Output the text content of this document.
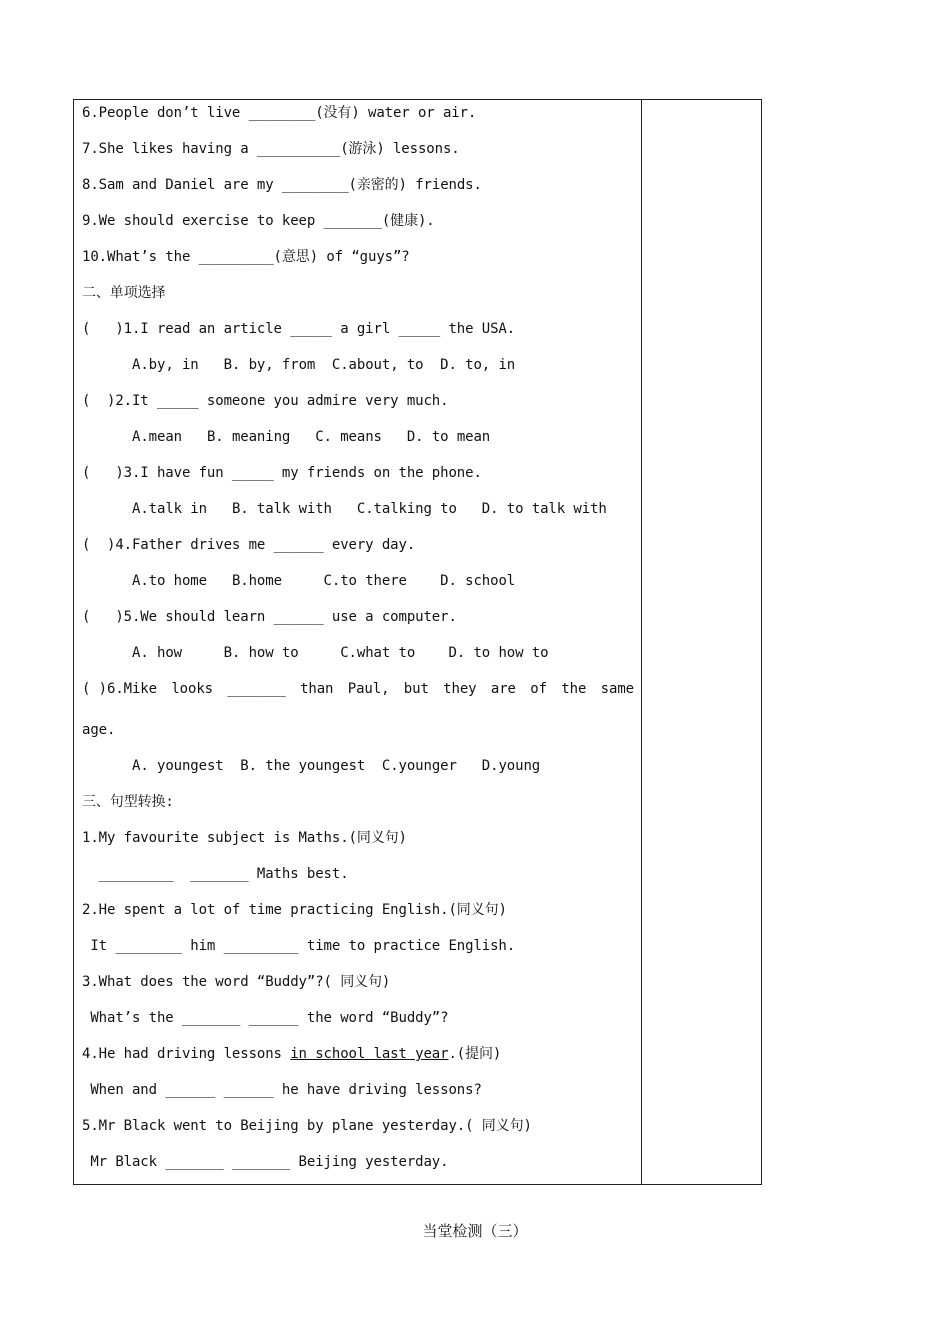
6.People don’t live ________(没有) water or air.
7.She likes having a __________(游泳) lessons.
8.Sam and Daniel are my ________(亲密的) friends.
9.We should exercise to keep _______(健康).
10.What’s the _________(意思) of “guys”?
二、单项选择
(   )1.I read an article _____ a girl _____ the USA.
A.by, in   B. by, from  C.about, to  D. to, in
(  )2.It _____ someone you admire very much.
A.mean   B. meaning   C. means   D. to mean
(   )3.I have fun _____ my friends on the phone.
A.talk in   B. talk with   C.talking to   D. to talk with
(  )4.Father drives me ______ every day.
A.to home   B.home     C.to there    D. school
(   )5.We should learn ______ use a computer.
A. how     B. how to     C.what to    D. to how to
( )6.Mike looks _______ than Paul, but they are of the same
age.
A. youngest  B. the youngest  C.younger   D.young
三、句型转换:
1.My favourite subject is Maths.(同义句)
_________  _______ Maths best.
2.He spent a lot of time practicing English.(同义句)
It ________ him _________ time to practice English.
3.What does the word “Buddy”?( 同义句)
What’s the _______ ______ the word “Buddy”?
4.He had driving lessons in school last year.(提问)
When and ______ ______ he have driving lessons?
5.Mr Black went to Beijing by plane yesterday.( 同义句)
Mr Black _______ _______ Beijing yesterday.
当堂检测（三）
